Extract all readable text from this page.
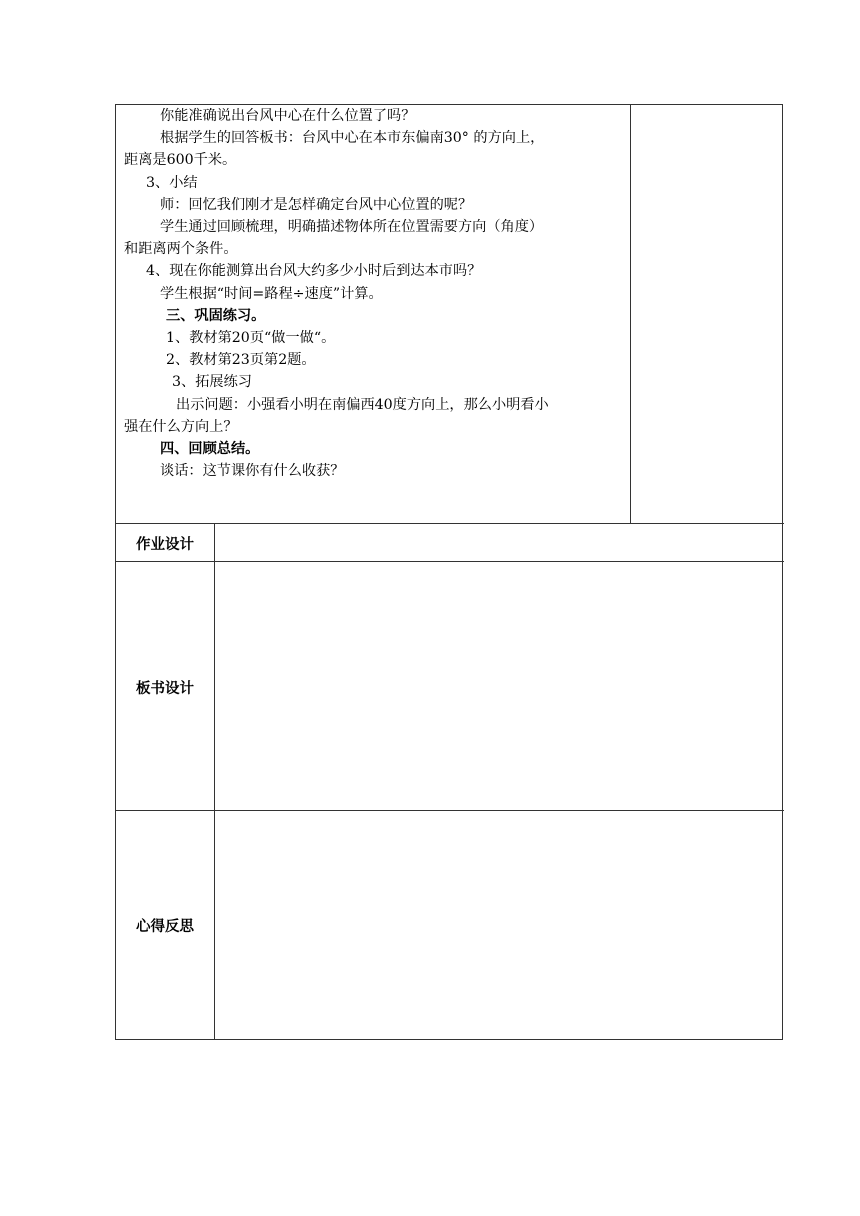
你能准确说出台风中心在什么位置了吗？
根据学生的回答板书：台风中心在本市东偏南30° 的方向上，
距离是600千米。
3、小结
师：回忆我们刚才是怎样确定台风中心位置的呢？
学生通过回顾梳理，明确描述物体所在位置需要方向（角度）
和距离两个条件。
4、现在你能测算出台风大约多少小时后到达本市吗？
学生根据“时间=路程÷速度”计算。
三、巩固练习。
1、教材第20页“做一做“。
2、教材第23页第2题。
3、拓展练习
出示问题：小强看小明在南偏西40度方向上，那么小明看小
强在什么方向上？
四、回顾总结。
谈话：这节课你有什么收获？
作业设计
板书设计
心得反思
